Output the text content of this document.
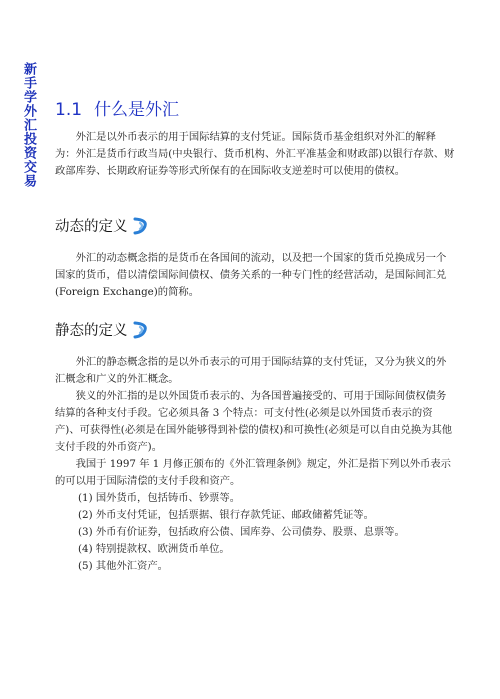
新手学外汇投资交易 1.1 什么是外汇

外汇是以外币表示的用于国际结算的支付凭证。国际货币基金组织对外汇的解释为：外汇是货币行政当局(中央银行、货币机构、外汇平准基金和财政部)以银行存款、财政部库券、长期政府证券等形式所保有的在国际收支逆差时可以使用的债权。

动态的定义

外汇的动态概念指的是货币在各国间的流动，以及把一个国家的货币兑换成另一个国家的货币，借以清偿国际间债权、债务关系的一种专门性的经营活动，是国际间汇兑(Foreign Exchange)的简称。

静态的定义

外汇的静态概念指的是以外币表示的可用于国际结算的支付凭证，又分为狭义的外汇概念和广义的外汇概念。

狭义的外汇指的是以外国货币表示的、为各国普遍接受的、可用于国际间债权债务结算的各种支付手段。它必须具备 3 个特点：可支付性(必须是以外国货币表示的资产)、可获得性(必须是在国外能够得到补偿的债权)和可换性(必须是可以自由兑换为其他支付手段的外币资产)。

我国于 1997 年 1 月修正颁布的《外汇管理条例》规定，外汇是指下列以外币表示的可以用于国际清偿的支付手段和资产。

(1) 国外货币，包括铸币、钞票等。

(2) 外币支付凭证，包括票据、银行存款凭证、邮政储蓄凭证等。

(3) 外币有价证券，包括政府公债、国库券、公司债券、股票、息票等。

(4) 特别提款权、欧洲货币单位。

(5) 其他外汇资产。
